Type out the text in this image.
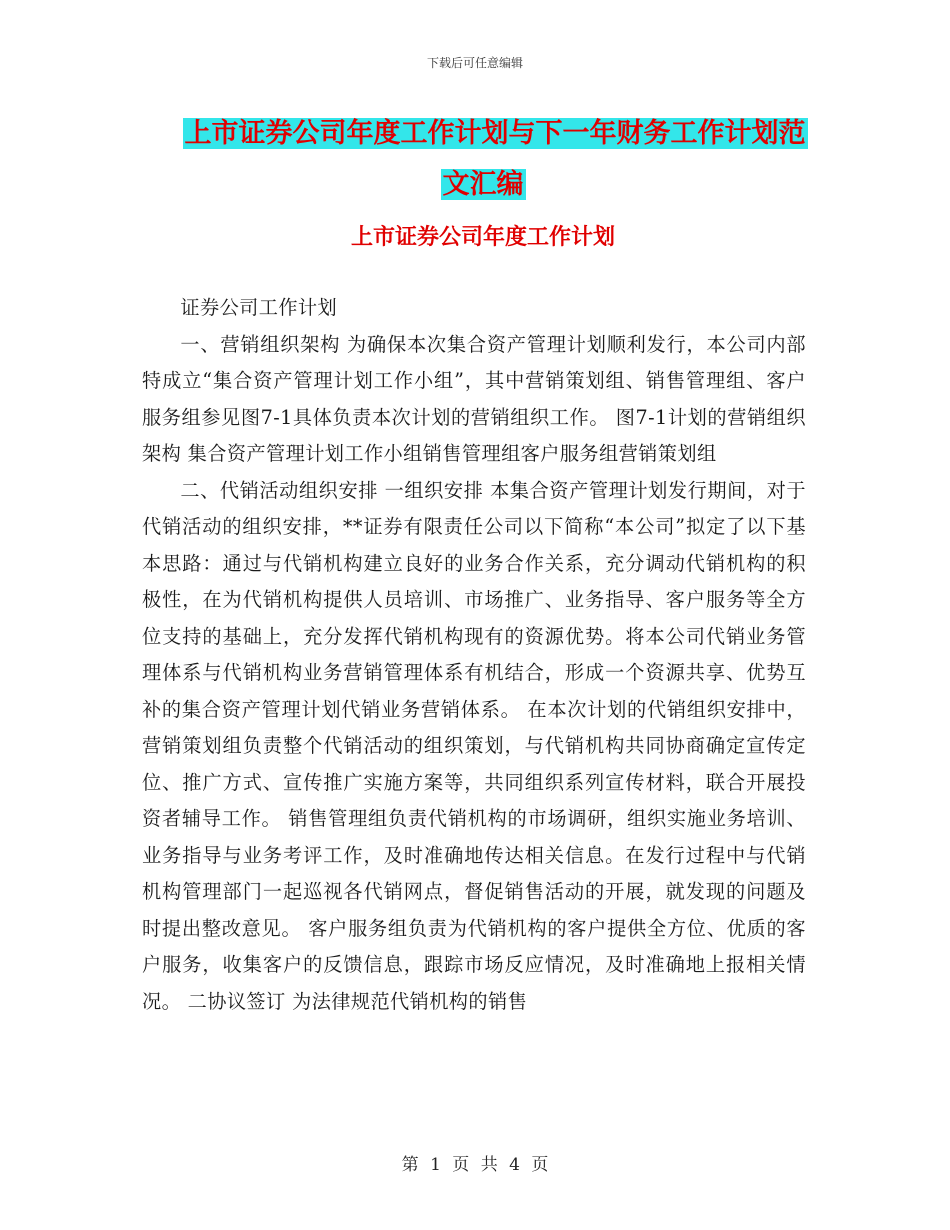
下载后可任意编辑
上市证券公司年度工作计划与下一年财务工作计划范
文汇编
上市证券公司年度工作计划

证券公司工作计划

一、营销组织架构 为确保本次集合资产管理计划顺利发行，本公司内部特成立“集合资产管理计划工作小组”，其中营销策划组、销售管理组、客户服务组参见图7-1具体负责本次计划的营销组织工作。 图7-1计划的营销组织架构 集合资产管理计划工作小组销售管理组客户服务组营销策划组

二、代销活动组织安排 一组织安排 本集合资产管理计划发行期间，对于代销活动的组织安排，**证券有限责任公司以下简称“本公司”拟定了以下基本思路：通过与代销机构建立良好的业务合作关系，充分调动代销机构的积极性，在为代销机构提供人员培训、市场推广、业务指导、客户服务等全方位支持的基础上，充分发挥代销机构现有的资源优势。将本公司代销业务管理体系与代销机构业务营销管理体系有机结合，形成一个资源共享、优势互补的集合资产管理计划代销业务营销体系。 在本次计划的代销组织安排中，营销策划组负责整个代销活动的组织策划，与代销机构共同协商确定宣传定位、推广方式、宣传推广实施方案等，共同组织系列宣传材料，联合开展投资者辅导工作。 销售管理组负责代销机构的市场调研，组织实施业务培训、业务指导与业务考评工作，及时准确地传达相关信息。在发行过程中与代销机构管理部门一起巡视各代销网点，督促销售活动的开展，就发现的问题及时提出整改意见。 客户服务组负责为代销机构的客户提供全方位、优质的客户服务，收集客户的反馈信息，跟踪市场反应情况，及时准确地上报相关情况。 二协议签订 为法律规范代销机构的销售

第 1 页 共 4 页
